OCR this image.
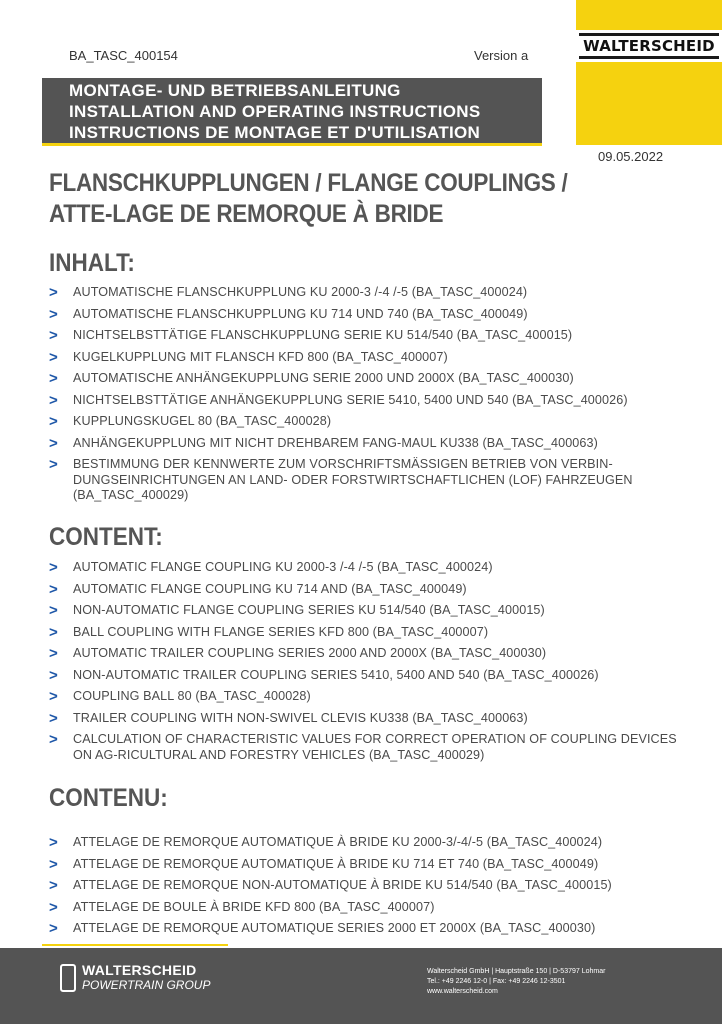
WALTERSCHEID
BA_TASC_400154	Version a
MONTAGE- UND BETRIEBSANLEITUNG
INSTALLATION AND OPERATING INSTRUCTIONS
INSTRUCTIONS DE MONTAGE ET D'UTILISATION
09.05.2022
FLANSCHKUPPLUNGEN / FLANGE COUPLINGS / ATTE-LAGE DE REMORQUE À BRIDE
INHALT:
> AUTOMATISCHE FLANSCHKUPPLUNG KU 2000-3 /-4 /-5 (BA_TASC_400024)
> AUTOMATISCHE FLANSCHKUPPLUNG KU 714 UND 740 (BA_TASC_400049)
> NICHTSELBSTTÄTIGE FLANSCHKUPPLUNG SERIE KU 514/540 (BA_TASC_400015)
> KUGELKUPPLUNG MIT FLANSCH KFD 800 (BA_TASC_400007)
> AUTOMATISCHE ANHÄNGEKUPPLUNG SERIE 2000 UND 2000X (BA_TASC_400030)
> NICHTSELBSTTÄTIGE ANHÄNGEKUPPLUNG SERIE 5410, 5400 UND 540 (BA_TASC_400026)
> KUPPLUNGSKUGEL 80 (BA_TASC_400028)
> ANHÄNGEKUPPLUNG MIT NICHT DREHBAREM FANG-MAUL KU338 (BA_TASC_400063)
> BESTIMMUNG DER KENNWERTE ZUM VORSCHRIFTSMÄSSIGEN BETRIEB VON VERBIN-DUNGSEINRICHTUNGEN AN LAND- ODER FORSTWIRTSCHAFTLICHEN (LOF) FAHRZEUGEN (BA_TASC_400029)
CONTENT:
> AUTOMATIC FLANGE COUPLING KU 2000-3 /-4 /-5 (BA_TASC_400024)
> AUTOMATIC FLANGE COUPLING KU 714 AND (BA_TASC_400049)
> NON-AUTOMATIC FLANGE COUPLING SERIES KU 514/540 (BA_TASC_400015)
> BALL COUPLING WITH FLANGE SERIES KFD 800 (BA_TASC_400007)
> AUTOMATIC TRAILER COUPLING SERIES 2000 AND 2000X (BA_TASC_400030)
> NON-AUTOMATIC TRAILER COUPLING SERIES 5410, 5400 AND 540 (BA_TASC_400026)
> COUPLING BALL 80 (BA_TASC_400028)
> TRAILER COUPLING WITH NON-SWIVEL CLEVIS KU338 (BA_TASC_400063)
> CALCULATION OF CHARACTERISTIC VALUES FOR CORRECT OPERATION OF COUPLING DEVICES ON AG-RICULTURAL AND FORESTRY VEHICLES (BA_TASC_400029)
CONTENU:
> ATTELAGE DE REMORQUE AUTOMATIQUE À BRIDE KU 2000-3/-4/-5 (BA_TASC_400024)
> ATTELAGE DE REMORQUE AUTOMATIQUE À BRIDE KU 714 ET 740 (BA_TASC_400049)
> ATTELAGE DE REMORQUE NON-AUTOMATIQUE À BRIDE KU 514/540 (BA_TASC_400015)
> ATTELAGE DE BOULE À BRIDE KFD 800 (BA_TASC_400007)
> ATTELAGE DE REMORQUE AUTOMATIQUE SERIES 2000 ET 2000X (BA_TASC_400030)
WALTERSCHEID
POWERTRAIN GROUP
Walterscheid GmbH | Hauptstraße 150 | D-53797 Lohmar
Tel.: +49 2246 12-0 | Fax: +49 2246 12-3501
www.walterscheid.com
